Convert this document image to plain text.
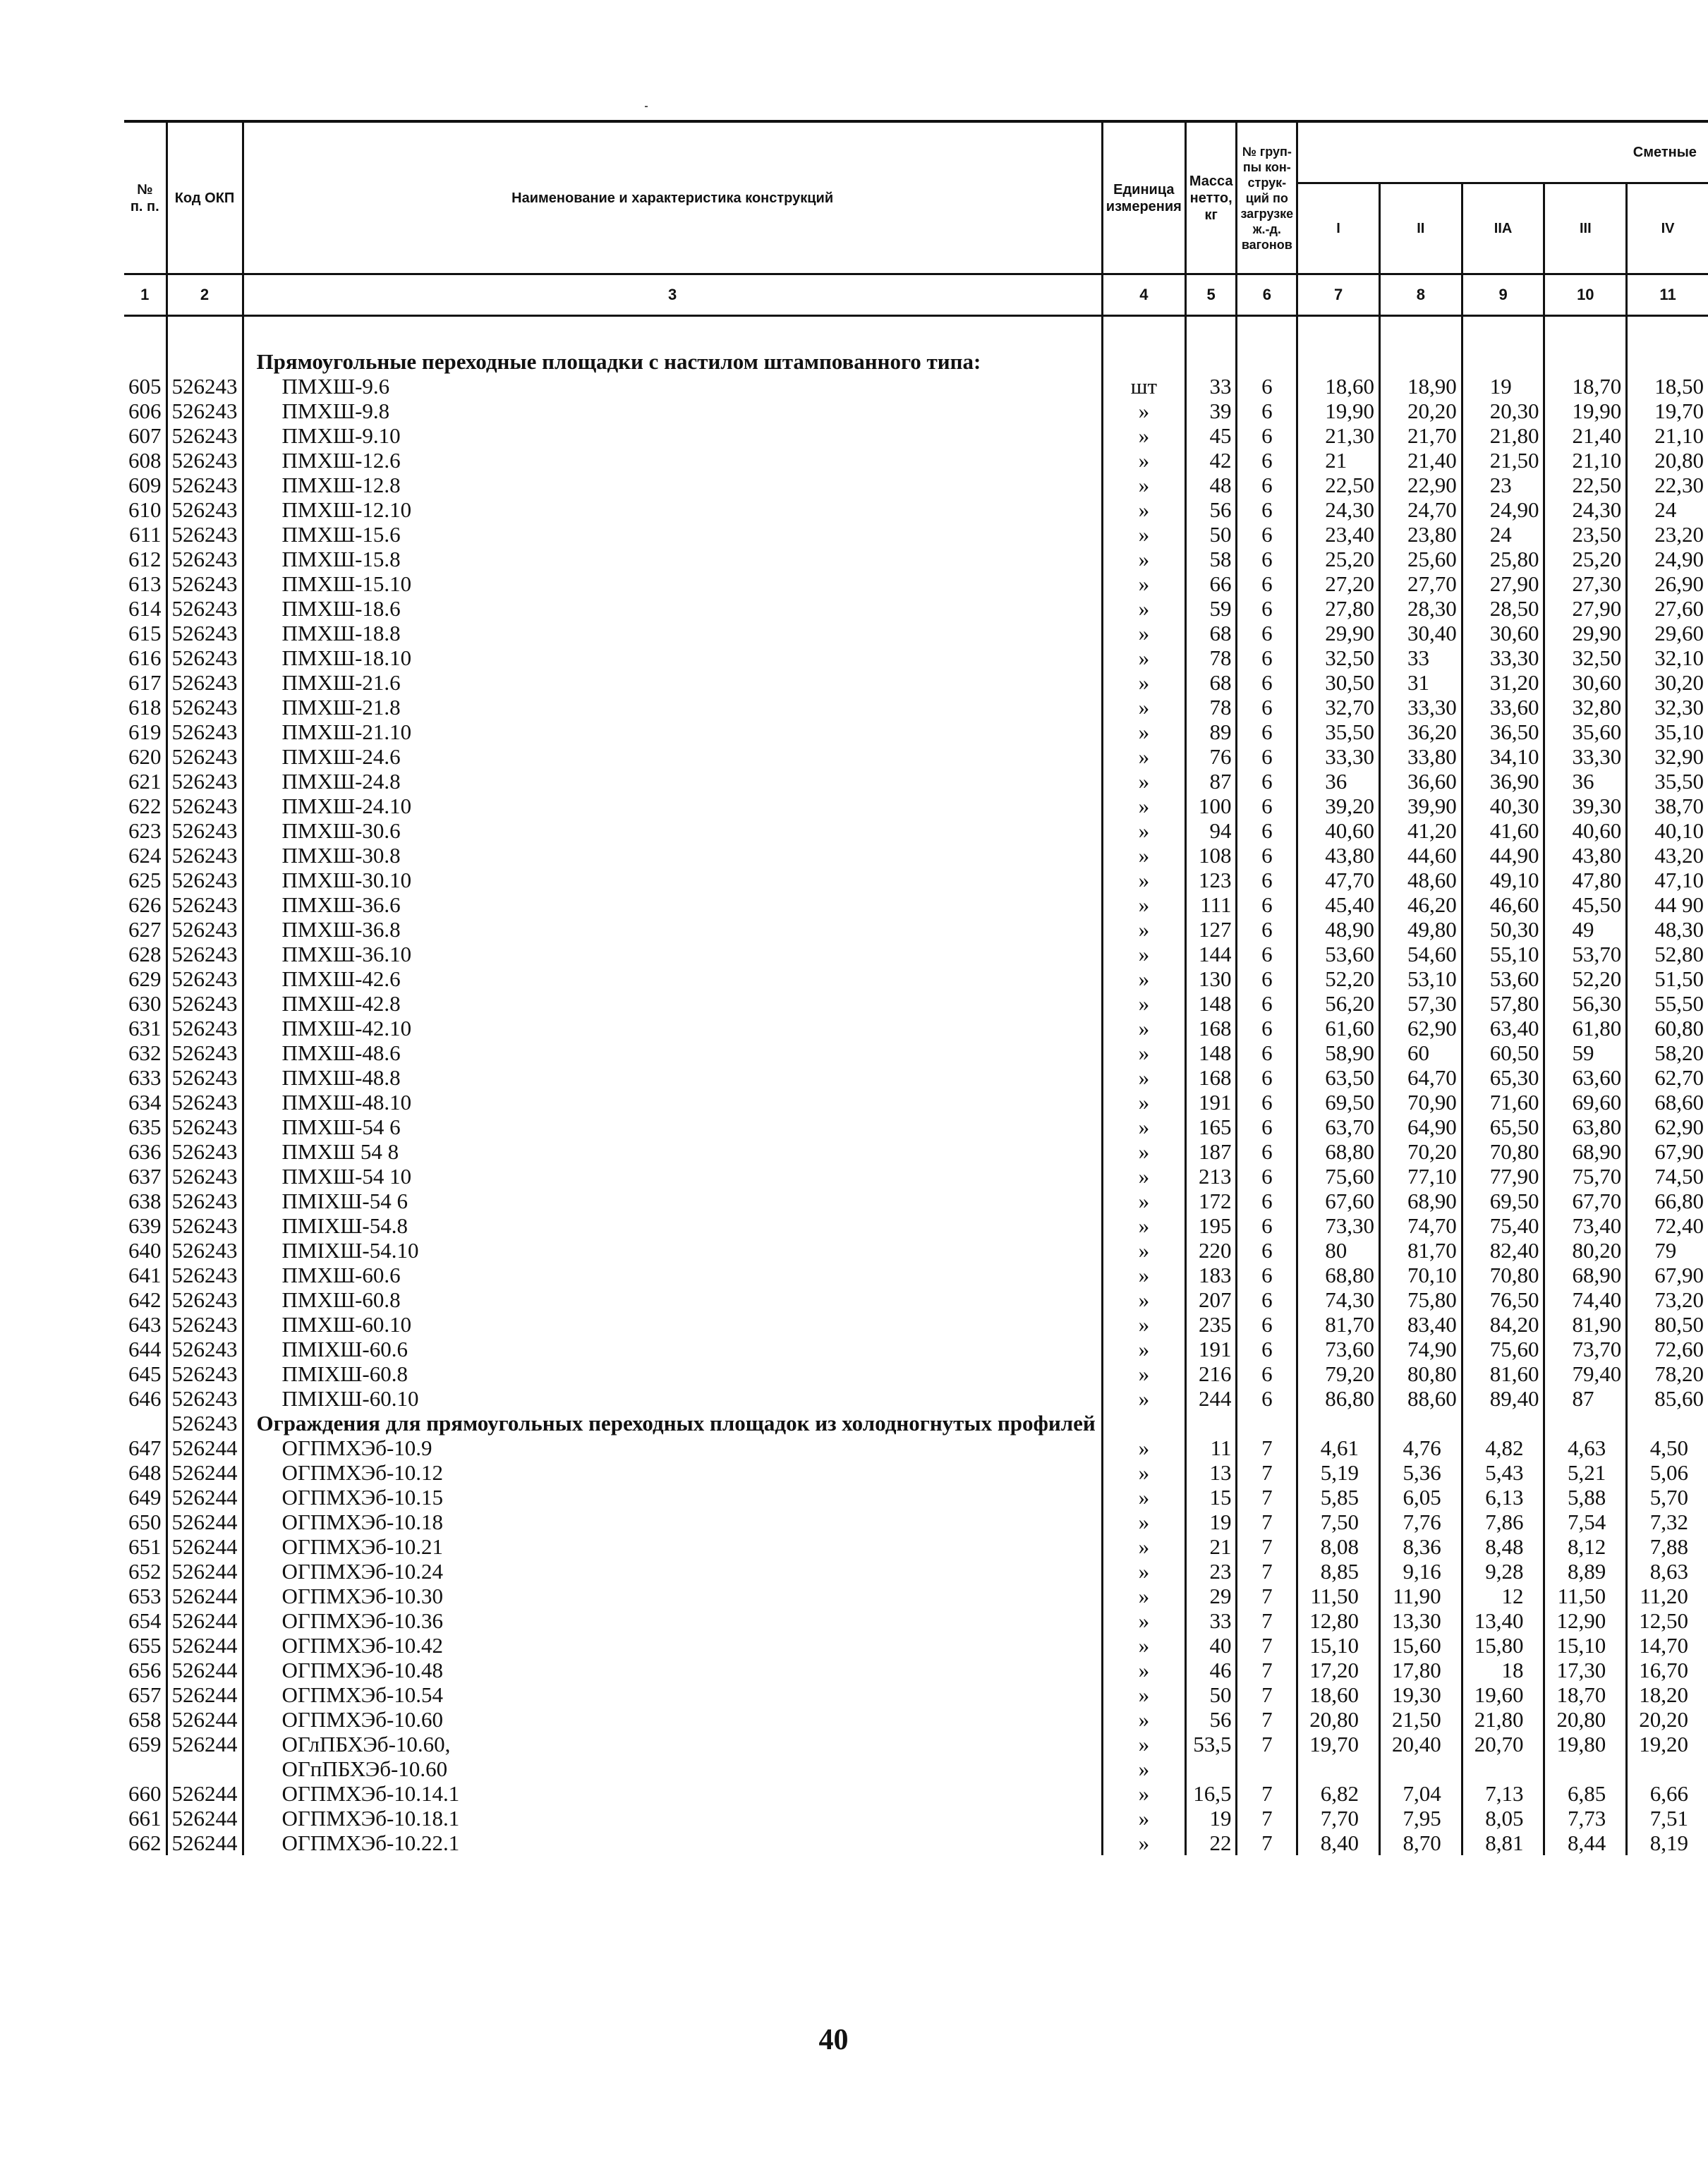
№
п. п.	Код ОКП	Наименование и характеристика конструкций	Единица измерения	Масса нетто, кг	№ груп- пы кон- струк- ций по загрузке ж.-д. вагонов	Сметные				
						I	II	IIA	III	IV
1	2	3	4	5	6	7	8	9	10	11

		Прямоугольные переходные площадки с настилом штампованного типа:								
605	526243	ПМХШ-9.6	шт	33	6	18,60	18,90	19	18,70	18,50
606	526243	ПМХШ-9.8	»	39	6	19,90	20,20	20,30	19,90	19,70
607	526243	ПМХШ-9.10	»	45	6	21,30	21,70	21,80	21,40	21,10
608	526243	ПМХШ-12.6	»	42	6	21	21,40	21,50	21,10	20,80
609	526243	ПМХШ-12.8	»	48	6	22,50	22,90	23	22,50	22,30
610	526243	ПМХШ-12.10	»	56	6	24,30	24,70	24,90	24,30	24
611	526243	ПМХШ-15.6	»	50	6	23,40	23,80	24	23,50	23,20
612	526243	ПМХШ-15.8	»	58	6	25,20	25,60	25,80	25,20	24,90
613	526243	ПМХШ-15.10	»	66	6	27,20	27,70	27,90	27,30	26,90
614	526243	ПМХШ-18.6	»	59	6	27,80	28,30	28,50	27,90	27,60
615	526243	ПМХШ-18.8	»	68	6	29,90	30,40	30,60	29,90	29,60
616	526243	ПМХШ-18.10	»	78	6	32,50	33	33,30	32,50	32,10
617	526243	ПМХШ-21.6	»	68	6	30,50	31	31,20	30,60	30,20
618	526243	ПМХШ-21.8	»	78	6	32,70	33,30	33,60	32,80	32,30
619	526243	ПМХШ-21.10	»	89	6	35,50	36,20	36,50	35,60	35,10
620	526243	ПМХШ-24.6	»	76	6	33,30	33,80	34,10	33,30	32,90
621	526243	ПМХШ-24.8	»	87	6	36	36,60	36,90	36	35,50
622	526243	ПМХШ-24.10	»	100	6	39,20	39,90	40,30	39,30	38,70
623	526243	ПМХШ-30.6	»	94	6	40,60	41,20	41,60	40,60	40,10
624	526243	ПМХШ-30.8	»	108	6	43,80	44,60	44,90	43,80	43,20
625	526243	ПМХШ-30.10	»	123	6	47,70	48,60	49,10	47,80	47,10
626	526243	ПМХШ-36.6	»	111	6	45,40	46,20	46,60	45,50	44 90
627	526243	ПМХШ-36.8	»	127	6	48,90	49,80	50,30	49	48,30
628	526243	ПМХШ-36.10	»	144	6	53,60	54,60	55,10	53,70	52,80
629	526243	ПМХШ-42.6	»	130	6	52,20	53,10	53,60	52,20	51,50
630	526243	ПМХШ-42.8	»	148	6	56,20	57,30	57,80	56,30	55,50
631	526243	ПМХШ-42.10	»	168	6	61,60	62,90	63,40	61,80	60,80
632	526243	ПМХШ-48.6	»	148	6	58,90	60	60,50	59	58,20
633	526243	ПМХШ-48.8	»	168	6	63,50	64,70	65,30	63,60	62,70
634	526243	ПМХШ-48.10	»	191	6	69,50	70,90	71,60	69,60	68,60
635	526243	ПМХШ-54 6	»	165	6	63,70	64,90	65,50	63,80	62,90
636	526243	ПМХШ 54 8	»	187	6	68,80	70,20	70,80	68,90	67,90
637	526243	ПМХШ-54 10	»	213	6	75,60	77,10	77,90	75,70	74,50
638	526243	ПМIХШ-54 6	»	172	6	67,60	68,90	69,50	67,70	66,80
639	526243	ПМIХШ-54.8	»	195	6	73,30	74,70	75,40	73,40	72,40
640	526243	ПМIХШ-54.10	»	220	6	80	81,70	82,40	80,20	79
641	526243	ПМХШ-60.6	»	183	6	68,80	70,10	70,80	68,90	67,90
642	526243	ПМХШ-60.8	»	207	6	74,30	75,80	76,50	74,40	73,20
643	526243	ПМХШ-60.10	»	235	6	81,70	83,40	84,20	81,90	80,50
644	526243	ПМIХШ-60.6	»	191	6	73,60	74,90	75,60	73,70	72,60
645	526243	ПМIХШ-60.8	»	216	6	79,20	80,80	81,60	79,40	78,20
646	526243	ПМIХШ-60.10	»	244	6	86,80	88,60	89,40	87	85,60
	526243	Ограждения для прямоугольных переходных площадок из холодногнутых профилей								
647	526244	ОГПМХЭб-10.9	»	11	7	4,61	4,76	4,82	4,63	4,50
648	526244	ОГПМХЭб-10.12	»	13	7	5,19	5,36	5,43	5,21	5,06
649	526244	ОГПМХЭб-10.15	»	15	7	5,85	6,05	6,13	5,88	5,70
650	526244	ОГПМХЭб-10.18	»	19	7	7,50	7,76	7,86	7,54	7,32
651	526244	ОГПМХЭб-10.21	»	21	7	8,08	8,36	8,48	8,12	7,88
652	526244	ОГПМХЭб-10.24	»	23	7	8,85	9,16	9,28	8,89	8,63
653	526244	ОГПМХЭб-10.30	»	29	7	11,50	11,90	12	11,50	11,20
654	526244	ОГПМХЭб-10.36	»	33	7	12,80	13,30	13,40	12,90	12,50
655	526244	ОГПМХЭб-10.42	»	40	7	15,10	15,60	15,80	15,10	14,70
656	526244	ОГПМХЭб-10.48	»	46	7	17,20	17,80	18	17,30	16,70
657	526244	ОГПМХЭб-10.54	»	50	7	18,60	19,30	19,60	18,70	18,20
658	526244	ОГПМХЭб-10.60	»	56	7	20,80	21,50	21,80	20,80	20,20
659	526244	ОГлПБХЭб-10.60,	»	53,5	7	19,70	20,40	20,70	19,80	19,20
		ОГпПБХЭб-10.60	»							
660	526244	ОГПМХЭб-10.14.1	»	16,5	7	6,82	7,04	7,13	6,85	6,66
661	526244	ОГПМХЭб-10.18.1	»	19	7	7,70	7,95	8,05	7,73	7,51
662	526244	ОГПМХЭб-10.22.1	»	22	7	8,40	8,70	8,81	8,44	8,19
40
